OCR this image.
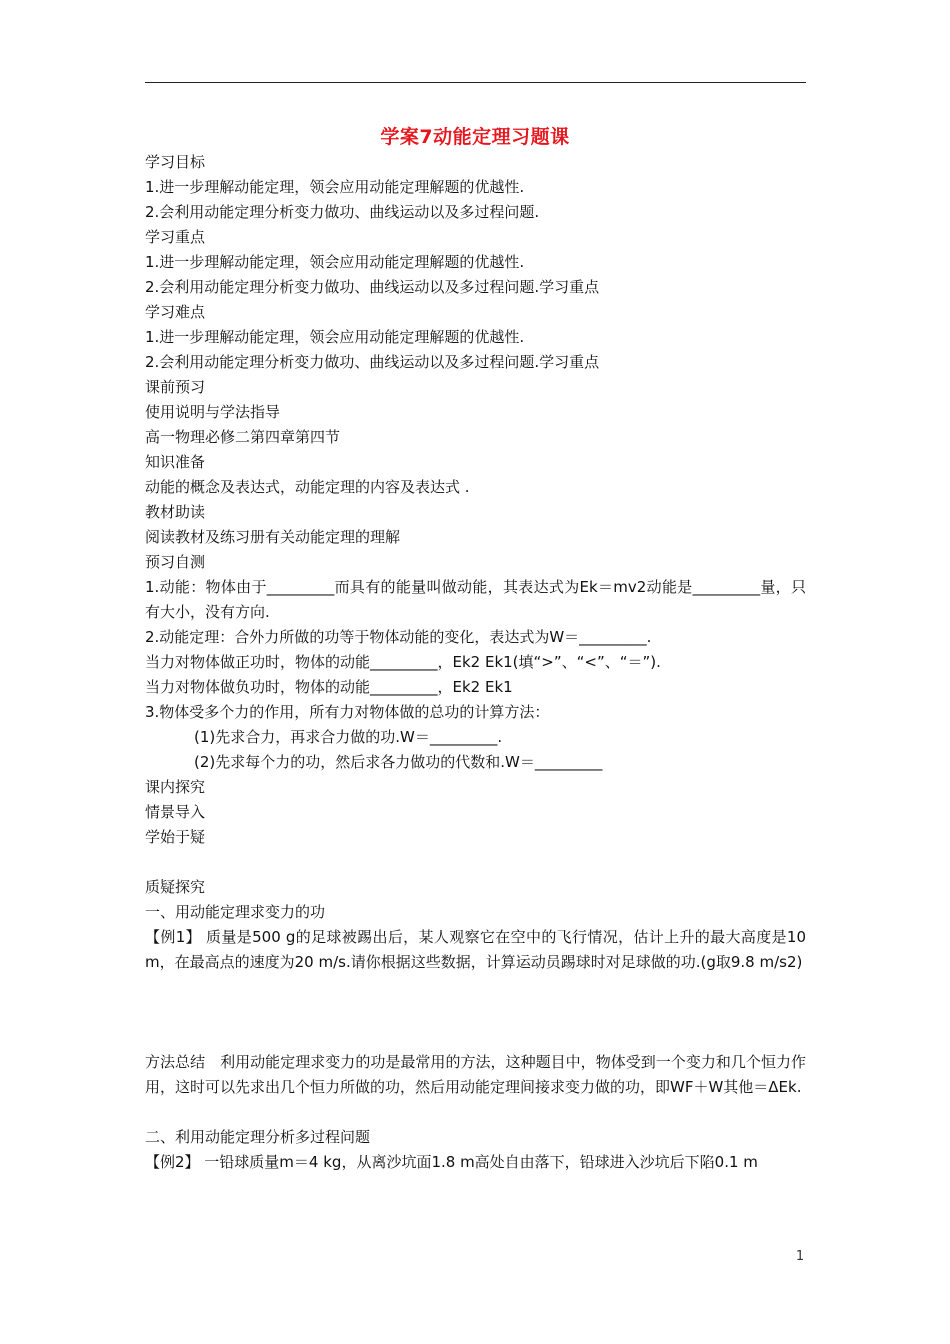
学案7动能定理习题课
学习目标
1.进一步理解动能定理，领会应用动能定理解题的优越性.
2.会利用动能定理分析变力做功、曲线运动以及多过程问题.
学习重点
1.进一步理解动能定理，领会应用动能定理解题的优越性.
2.会利用动能定理分析变力做功、曲线运动以及多过程问题.学习重点
学习难点
1.进一步理解动能定理，领会应用动能定理解题的优越性.
2.会利用动能定理分析变力做功、曲线运动以及多过程问题.学习重点
课前预习
使用说明与学法指导
高一物理必修二第四章第四节
知识准备
动能的概念及表达式，动能定理的内容及表达式 .
教材助读
阅读教材及练习册有关动能定理的理解
预习自测
1.动能：物体由于_________而具有的能量叫做动能，其表达式为Ek＝mv2动能是_________量，只有大小，没有方向.
2.动能定理：合外力所做的功等于物体动能的变化，表达式为W＝_________.
当力对物体做正功时，物体的动能_________，Ek2 Ek1(填“>”、“<”、“＝”).
当力对物体做负功时，物体的动能_________，Ek2 Ek1
3.物体受多个力的作用，所有力对物体做的总功的计算方法：
(1)先求合力，再求合力做的功.W＝_________.
(2)先求每个力的功，然后求各力做功的代数和.W＝_________
课内探究
情景导入
学始于疑
质疑探究
一、用动能定理求变力的功
【例1】 质量是500 g的足球被踢出后，某人观察它在空中的飞行情况，估计上升的最大高度是10 m，在最高点的速度为20 m/s.请你根据这些数据，计算运动员踢球时对足球做的功.(g取9.8 m/s2)
方法总结　利用动能定理求变力的功是最常用的方法，这种题目中，物体受到一个变力和几个恒力作用，这时可以先求出几个恒力所做的功，然后用动能定理间接求变力做的功，即WF＋W其他＝ΔEk.
二、利用动能定理分析多过程问题
【例2】 一铅球质量m＝4 kg，从离沙坑面1.8 m高处自由落下，铅球进入沙坑后下陷0.1 m
1
